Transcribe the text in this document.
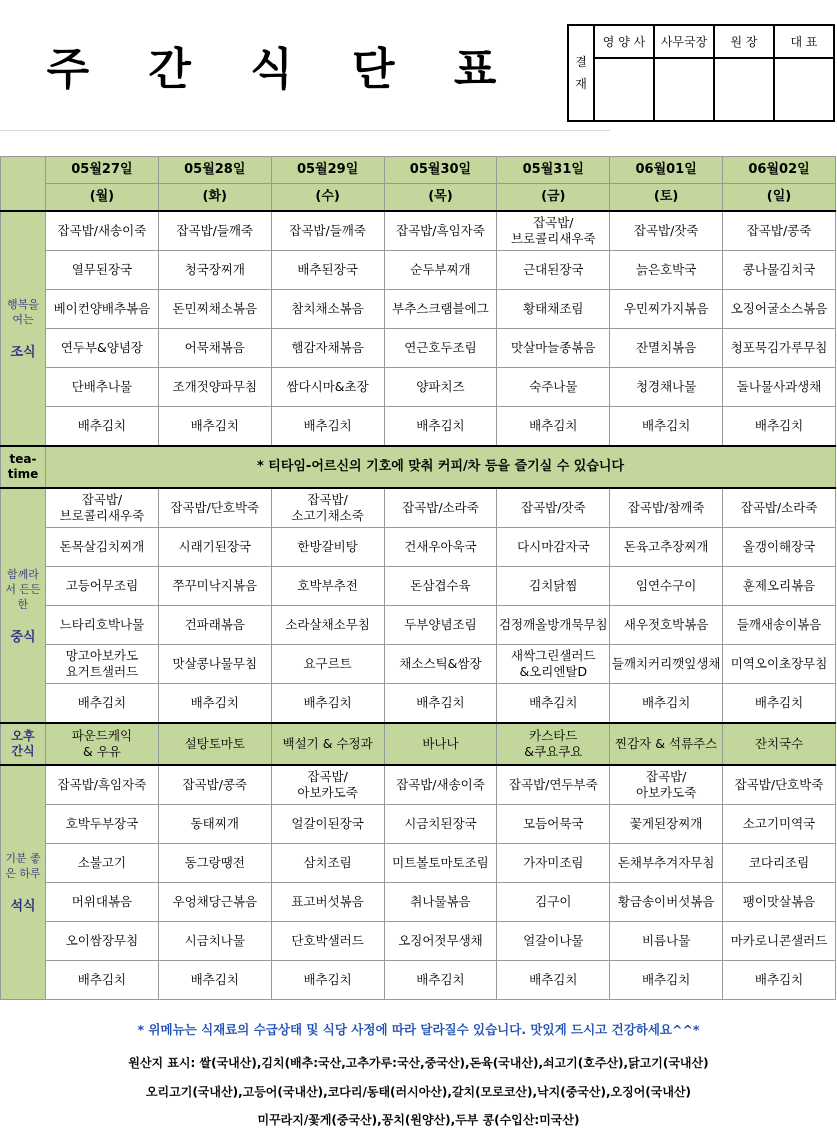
주 간 식 단 표	결
재	영 양 사	사무국장	원 장	대 표

	05월27일	05월28일	05월29일	05월30일	05월31일	06월01일	06월02일
	(월)	(화)	(수)	(목)	(금)	(토)	(일)
행복을 여는
조식	잡곡밥/새송이죽	잡곡밥/들깨죽	잡곡밥/들깨죽	잡곡밥/흑임자죽	잡곡밥/
브로콜리새우죽	잡곡밥/잣죽	잡곡밥/콩죽
	열무된장국	청국장찌개	배추된장국	순두부찌개	근대된장국	늙은호박국	콩나물김치국
	베이컨양배추볶음	돈민찌채소볶음	참치채소볶음	부추스크램블에그	황태채조림	우민찌가지볶음	오징어굴소스볶음
	연두부&양념장	어묵채볶음	햄감자채볶음	연근호두조림	맛살마늘종볶음	잔멸치볶음	청포묵김가루무침
	단배추나물	조개젓양파무침	쌈다시마&초장	양파치즈	숙주나물	청경채나물	돌나물사과생채
	배추김치	배추김치	배추김치	배추김치	배추김치	배추김치	배추김치
tea-
time	* 티타임-어르신의 기호에 맞춰 커피/차 등을 즐기실 수 있습니다						
함께라서 든든한
중식	잡곡밥/
브로콜리새우죽	잡곡밥/단호박죽	잡곡밥/
소고기채소죽	잡곡밥/소라죽	잡곡밥/잣죽	잡곡밥/참깨죽	잡곡밥/소라죽
	돈목살김치찌개	시래기된장국	한방갈비탕	건새우아욱국	다시마감자국	돈육고추장찌개	올갱이해장국
	고등어무조림	쭈꾸미낙지볶음	호박부추전	돈삼겹수육	김치닭찜	임연수구이	훈제오리볶음
	느타리호박나물	건파래볶음	소라살채소무침	두부양념조림	검정깨올방개묵무침	새우젓호박볶음	들깨새송이볶음
	망고아보카도
요거트샐러드	맛살콩나물무침	요구르트	채소스틱&쌈장	새싹그린샐러드
&오리엔탈D	들깨치커리깻잎생채	미역오이초장무침
	배추김치	배추김치	배추김치	배추김치	배추김치	배추김치	배추김치
오후
간식	파운드케익
& 우유	설탕토마토	백설기 & 수정과	바나나	카스타드
&쿠요쿠요	찐감자 & 석류주스	잔치국수
기분 좋은 하루
석식	잡곡밥/흑임자죽	잡곡밥/콩죽	잡곡밥/
아보카도죽	잡곡밥/새송이죽	잡곡밥/연두부죽	잡곡밥/
아보카도죽	잡곡밥/단호박죽
	호박두부장국	동태찌개	얼갈이된장국	시금치된장국	모듬어묵국	꽃게된장찌개	소고기미역국
	소불고기	동그랑땡전	삼치조림	미트볼토마토조림	가자미조림	돈채부추겨자무침	코다리조림
	머위대볶음	우엉채당근볶음	표고버섯볶음	취나물볶음	김구이	황금송이버섯볶음	팽이맛살볶음
	오이쌈장무침	시금치나물	단호박샐러드	오징어젓무생채	얼갈이나물	비름나물	마카로니콘샐러드
	배추김치	배추김치	배추김치	배추김치	배추김치	배추김치	배추김치
* 위메뉴는 식재료의 수급상태 및 식당 사정에 따라 달라질수 있습니다. 맛있게 드시고 건강하세요^^*
원산지 표시: 쌀(국내산),김치(배추:국산,고추가루:국산,중국산),돈육(국내산),쇠고기(호주산),닭고기(국내산)
오리고기(국내산),고등어(국내산),코다리/동태(러시아산),갈치(모로코산),낙지(중국산),오징어(국내산)
미꾸라지/꽃게(중국산),꽁치(원양산),두부 콩(수입산:미국산)
